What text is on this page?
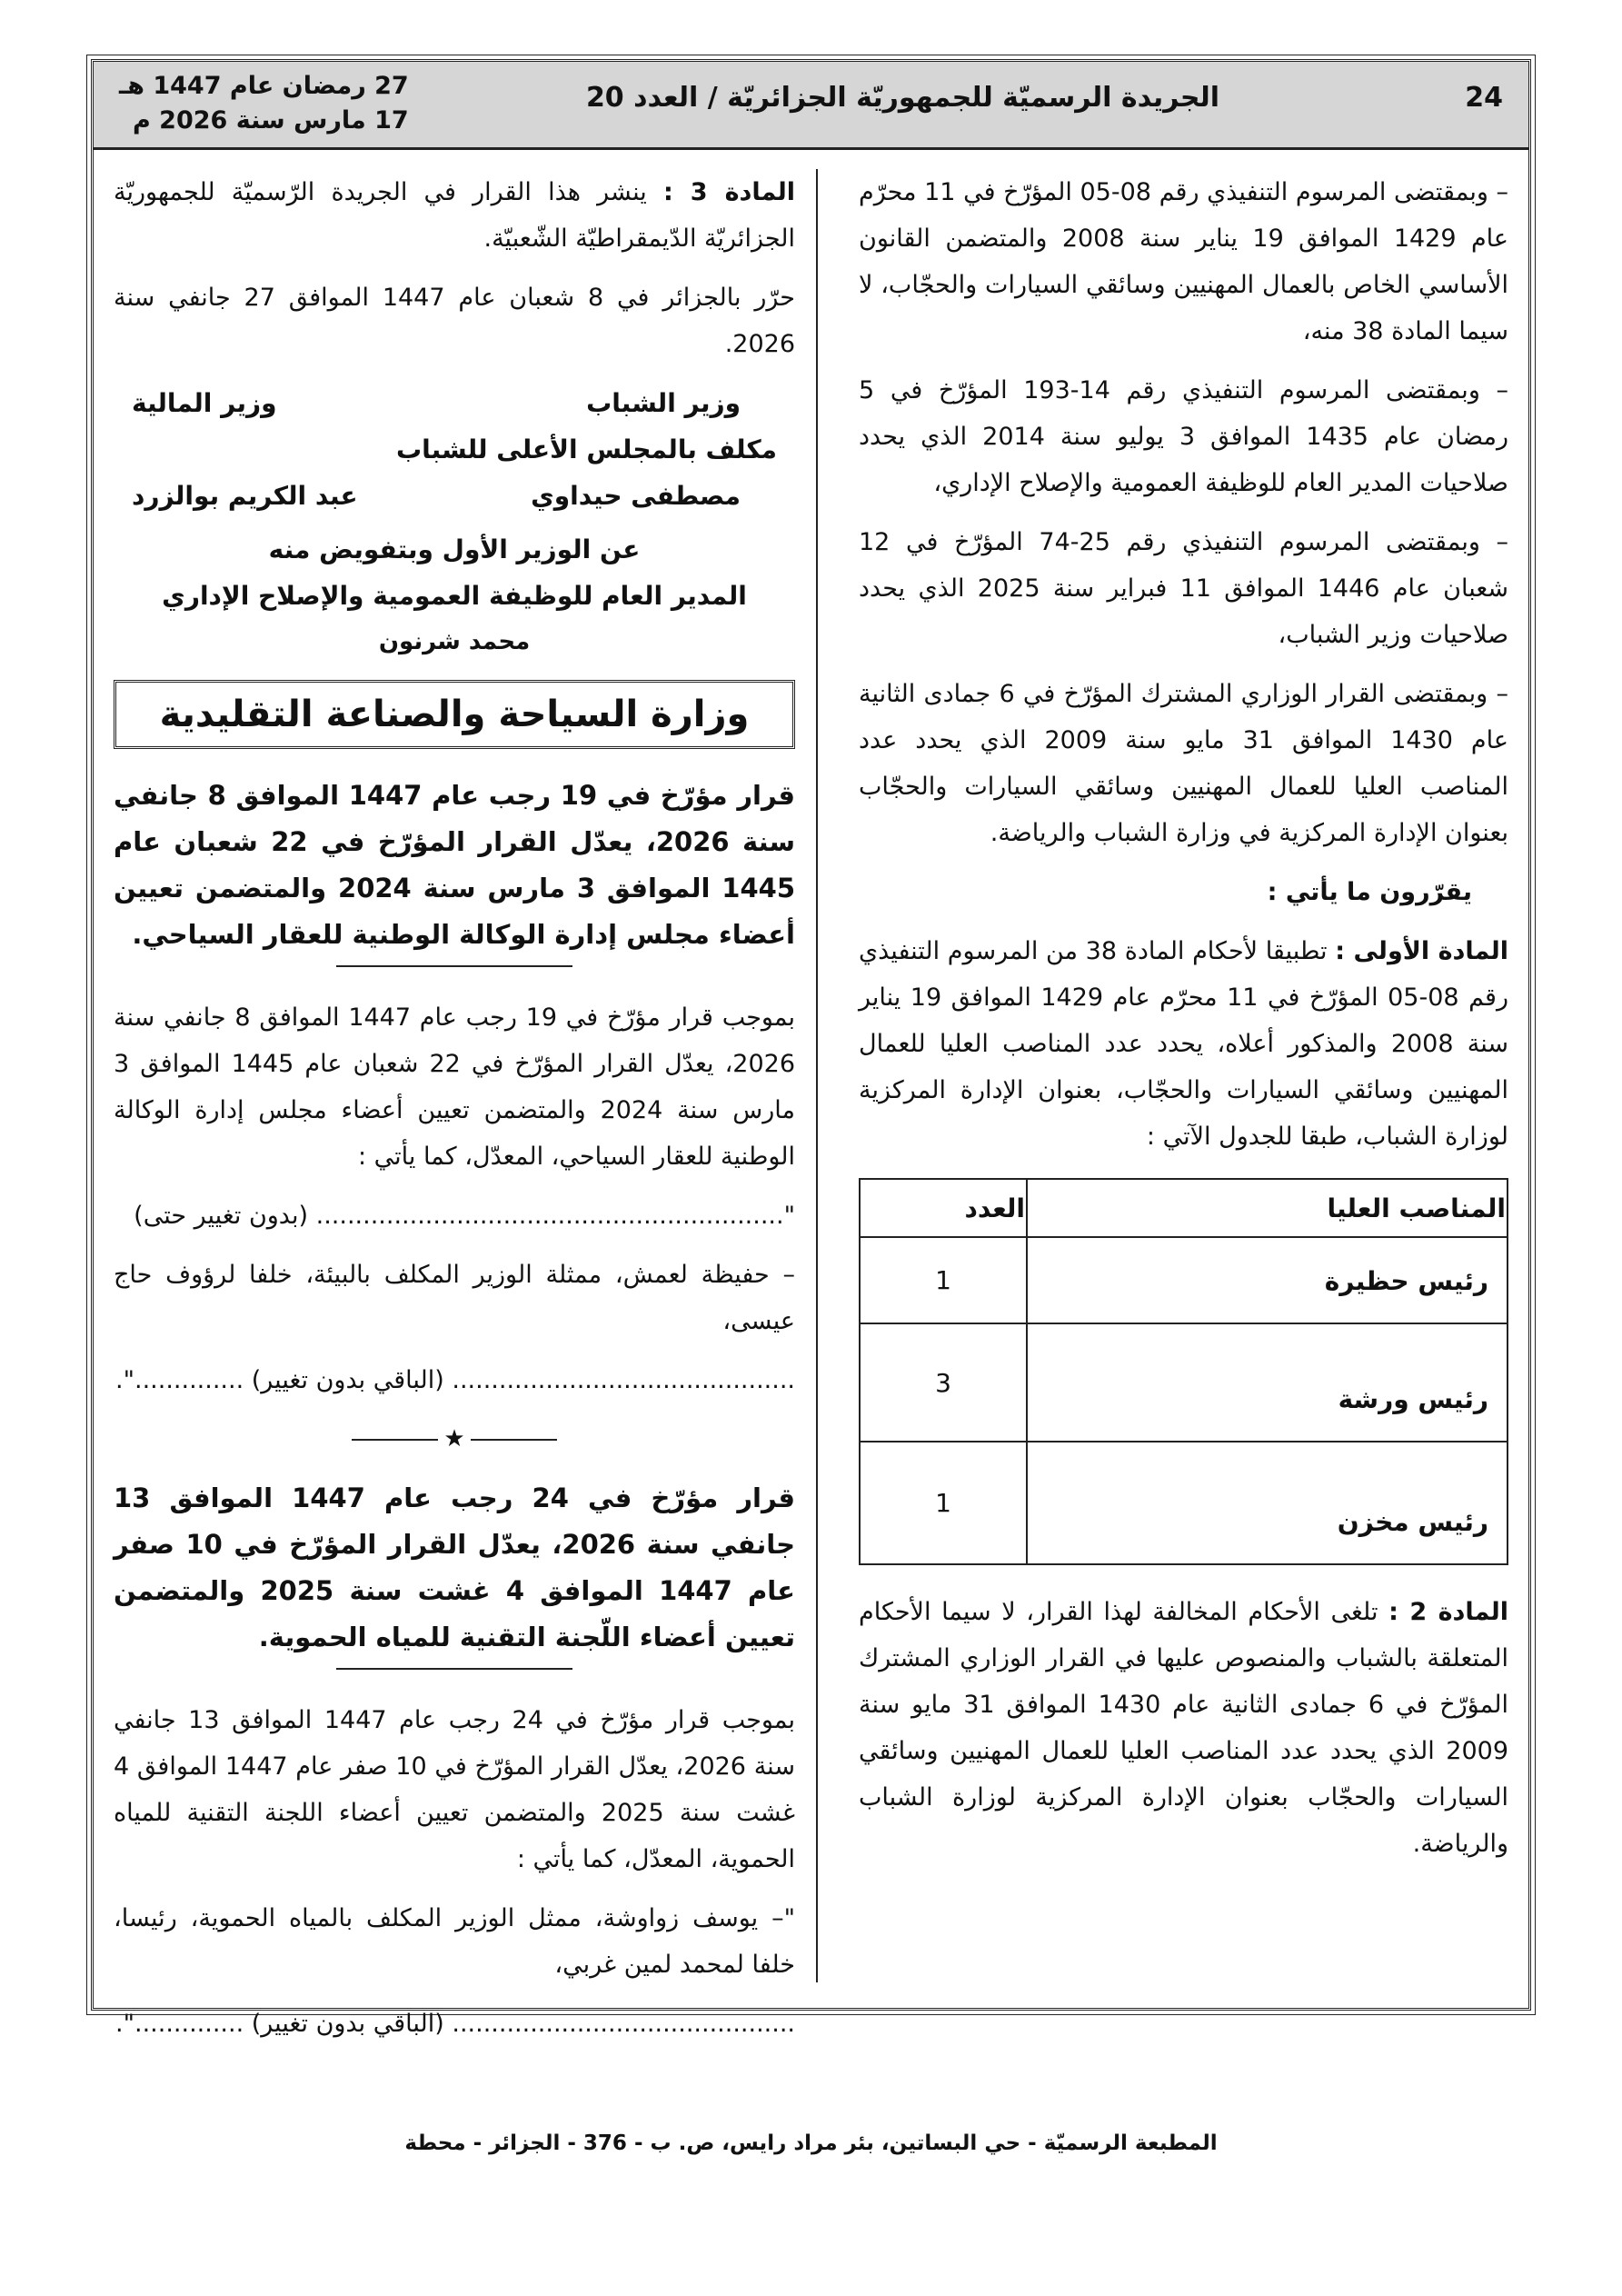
24
الجريدة الرسميّة للجمهوريّة الجزائريّة / العدد 20
27 رمضان عام 1447 هـ
17 مارس سنة 2026 م

– وبمقتضى المرسوم التنفيذي رقم 08-05 المؤرّخ في 11 محرّم عام 1429 الموافق 19 يناير سنة 2008 والمتضمن القانون الأساسي الخاص بالعمال المهنيين وسائقي السيارات والحجّاب، لا سيما المادة 38 منه،

– وبمقتضى المرسوم التنفيذي رقم 14-193 المؤرّخ في 5 رمضان عام 1435 الموافق 3 يوليو سنة 2014 الذي يحدد صلاحيات المدير العام للوظيفة العمومية والإصلاح الإداري،

– وبمقتضى المرسوم التنفيذي رقم 25-74 المؤرّخ في 12 شعبان عام 1446 الموافق 11 فبراير سنة 2025 الذي يحدد صلاحيات وزير الشباب،

– وبمقتضى القرار الوزاري المشترك المؤرّخ في 6 جمادى الثانية عام 1430 الموافق 31 مايو سنة 2009 الذي يحدد عدد المناصب العليا للعمال المهنيين وسائقي السيارات والحجّاب بعنوان الإدارة المركزية في وزارة الشباب والرياضة.

يقرّرون ما يأتي :

المادة الأولى : تطبيقا لأحكام المادة 38 من المرسوم التنفيذي رقم 08-05 المؤرّخ في 11 محرّم عام 1429 الموافق 19 يناير سنة 2008 والمذكور أعلاه، يحدد عدد المناصب العليا للعمال المهنيين وسائقي السيارات والحجّاب، بعنوان الإدارة المركزية لوزارة الشباب، طبقا للجدول الآتي :

المناصب العليا	العدد
رئيس حظيرة	1
رئيس ورشة	3
رئيس مخزن	1

المادة 2 : تلغى الأحكام المخالفة لهذا القرار، لا سيما الأحكام المتعلقة بالشباب والمنصوص عليها في القرار الوزاري المشترك المؤرّخ في 6 جمادى الثانية عام 1430 الموافق 31 مايو سنة 2009 الذي يحدد عدد المناصب العليا للعمال المهنيين وسائقي السيارات والحجّاب بعنوان الإدارة المركزية لوزارة الشباب والرياضة.

المادة 3 : ينشر هذا القرار في الجريدة الرّسميّة للجمهوريّة الجزائريّة الدّيمقراطيّة الشّعبيّة.

حرّر بالجزائر في 8 شعبان عام 1447 الموافق 27 جانفي سنة 2026.

وزير الشباب
وزير المالية
مكلف بالمجلس الأعلى للشباب
مصطفى حيداوي
عبد الكريم بوالزرد
عن الوزير الأول وبتفويض منه
المدير العام للوظيفة العمومية والإصلاح الإداري
محمد شرنون
وزارة السياحة والصناعة التقليدية
قرار مؤرّخ في 19 رجب عام 1447 الموافق 8 جانفي سنة 2026، يعدّل القرار المؤرّخ في 22 شعبان عام 1445 الموافق 3 مارس سنة 2024 والمتضمن تعيين أعضاء مجلس إدارة الوكالة الوطنية للعقار السياحي.

بموجب قرار مؤرّخ في 19 رجب عام 1447 الموافق 8 جانفي سنة 2026، يعدّل القرار المؤرّخ في 22 شعبان عام 1445 الموافق 3 مارس سنة 2024 والمتضمن تعيين أعضاء مجلس إدارة الوكالة الوطنية للعقار السياحي، المعدّل، كما يأتي :

"............................................................ (بدون تغيير حتى)

– حفيظة لعمش، ممثلة الوزير المكلف بالبيئة، خلفا لرؤوف حاج عيسى،

............................................ (الباقي بدون تغيير) ..............".

★
قرار مؤرّخ في 24 رجب عام 1447 الموافق 13 جانفي سنة 2026، يعدّل القرار المؤرّخ في 10 صفر عام 1447 الموافق 4 غشت سنة 2025 والمتضمن تعيين أعضاء اللّجنة التقنية للمياه الحموية.

بموجب قرار مؤرّخ في 24 رجب عام 1447 الموافق 13 جانفي سنة 2026، يعدّل القرار المؤرّخ في 10 صفر عام 1447 الموافق 4 غشت سنة 2025 والمتضمن تعيين أعضاء اللجنة التقنية للمياه الحموية، المعدّل، كما يأتي :

"– يوسف زواوشة، ممثل الوزير المكلف بالمياه الحموية، رئيسا، خلفا لمحمد لمين غربي،

............................................ (الباقي بدون تغيير) ..............".

المطبعة الرسميّة - حي البساتين، بئر مراد رايس، ص. ب - 376 - الجزائر - محطة
